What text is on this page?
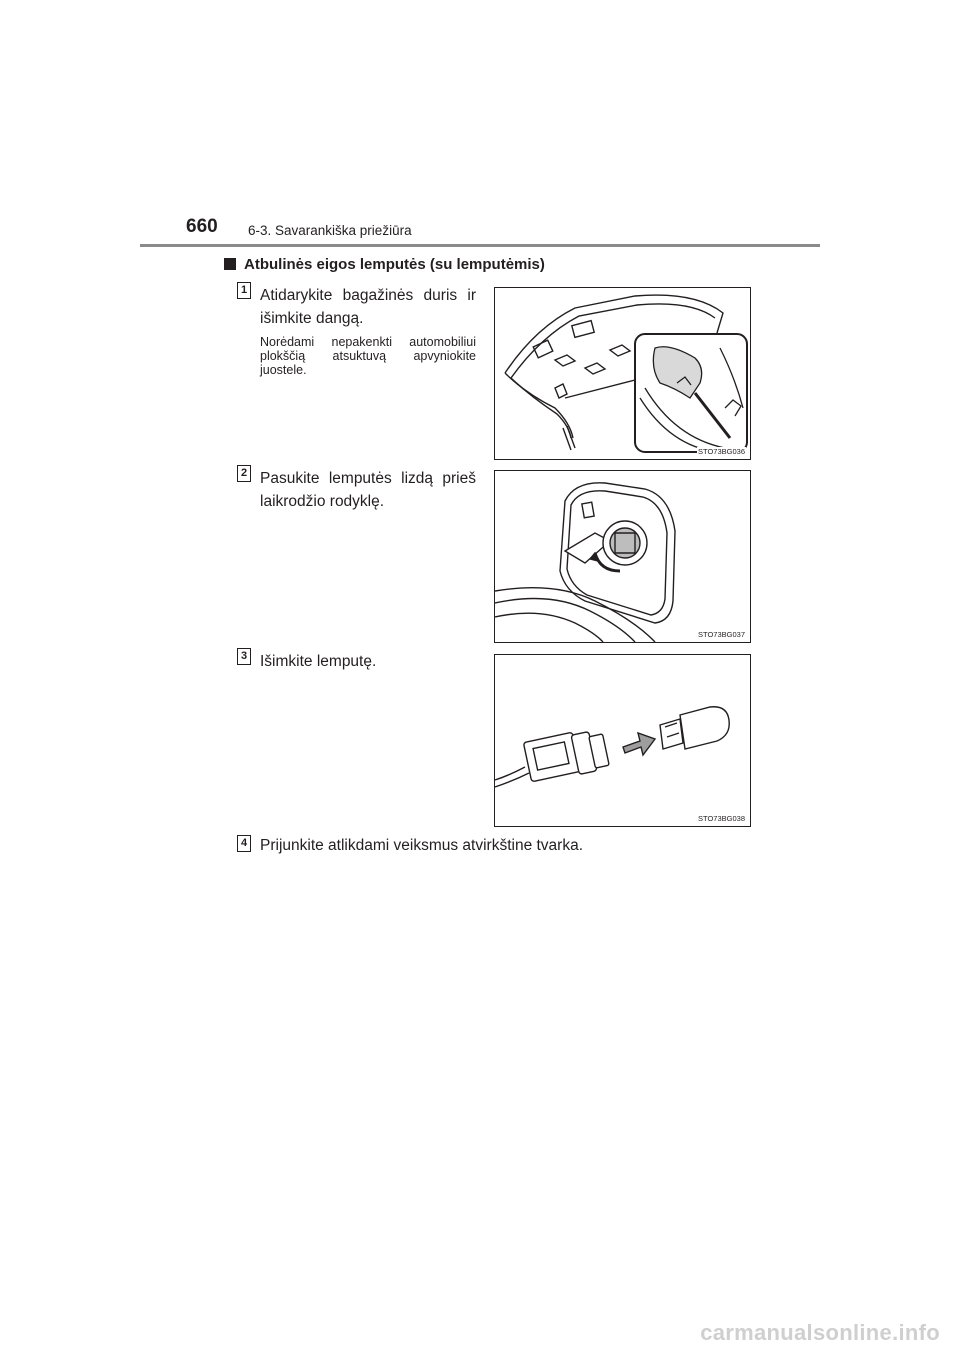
660 6-3. Savarankiška priežiūra
Atbulinės eigos lemputės (su lemputėmis)
1 Atidarykite bagažinės duris ir išimkite dangą.
Norėdami nepakenkti automobiliui plokščią atsuktuvą apvyniokite juostele.
STO73BG036
2 Pasukite lemputės lizdą prieš laikrodžio rodyklę.
STO73BG037
3 Išimkite lemputę.
STO73BG038
4 Prijunkite atlikdami veiksmus atvirkštine tvarka.
carmanualsonline.info
